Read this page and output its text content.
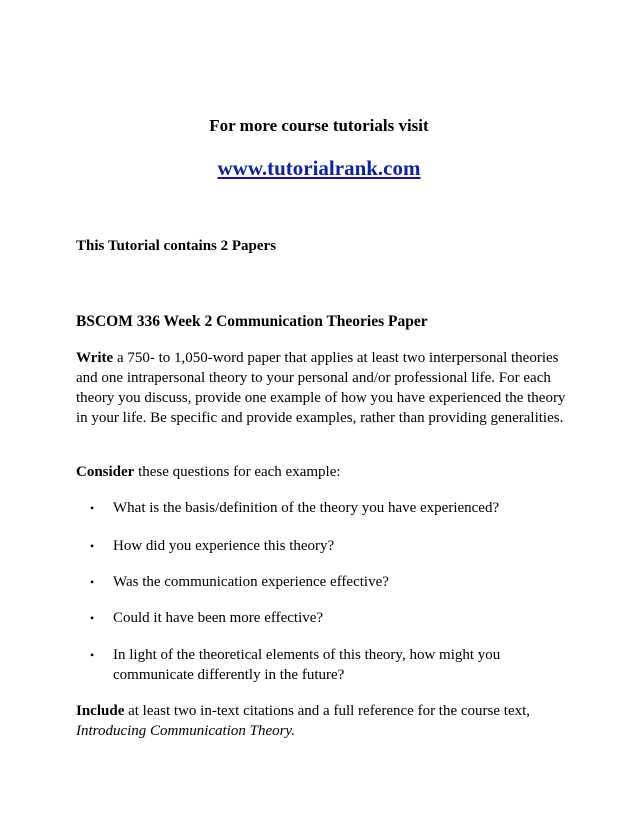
For more course tutorials visit
www.tutorialrank.com
This Tutorial contains 2 Papers
BSCOM 336 Week 2 Communication Theories Paper
Write a 750- to 1,050-word paper that applies at least two interpersonal theories and one intrapersonal theory to your personal and/or professional life. For each theory you discuss, provide one example of how you have experienced the theory in your life. Be specific and provide examples, rather than providing generalities.
Consider these questions for each example:
• What is the basis/definition of the theory you have experienced?
• How did you experience this theory?
• Was the communication experience effective?
• Could it have been more effective?
• In light of the theoretical elements of this theory, how might you communicate differently in the future?
Include at least two in-text citations and a full reference for the course text, Introducing Communication Theory.
